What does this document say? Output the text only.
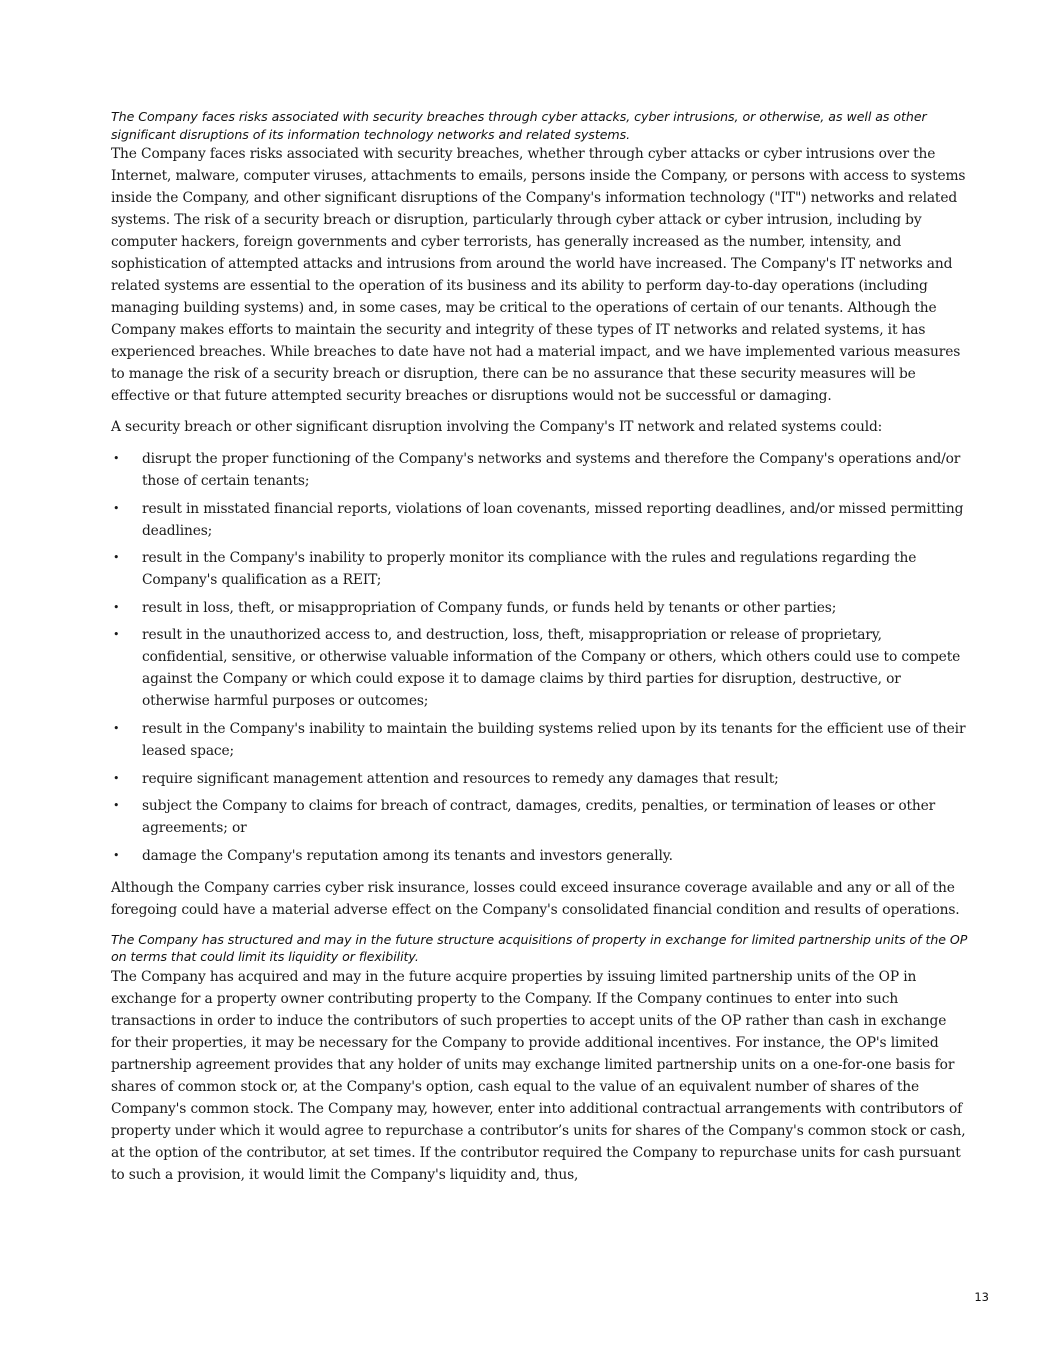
The Company faces risks associated with security breaches through cyber attacks, cyber intrusions, or otherwise, as well as other significant disruptions of its information technology networks and related systems.

The Company faces risks associated with security breaches, whether through cyber attacks or cyber intrusions over the Internet, malware, computer viruses, attachments to emails, persons inside the Company, or persons with access to systems inside the Company, and other significant disruptions of the Company's information technology ("IT") networks and related systems. The risk of a security breach or disruption, particularly through cyber attack or cyber intrusion, including by computer hackers, foreign governments and cyber terrorists, has generally increased as the number, intensity, and sophistication of attempted attacks and intrusions from around the world have increased. The Company's IT networks and related systems are essential to the operation of its business and its ability to perform day-to-day operations (including managing building systems) and, in some cases, may be critical to the operations of certain of our tenants. Although the Company makes efforts to maintain the security and integrity of these types of IT networks and related systems, it has experienced breaches. While breaches to date have not had a material impact, and we have implemented various measures to manage the risk of a security breach or disruption, there can be no assurance that these security measures will be effective or that future attempted security breaches or disruptions would not be successful or damaging.

A security breach or other significant disruption involving the Company's IT network and related systems could:

• disrupt the proper functioning of the Company's networks and systems and therefore the Company's operations and/or those of certain tenants;
• result in misstated financial reports, violations of loan covenants, missed reporting deadlines, and/or missed permitting deadlines;
• result in the Company's inability to properly monitor its compliance with the rules and regulations regarding the Company's qualification as a REIT;
• result in loss, theft, or misappropriation of Company funds, or funds held by tenants or other parties;
• result in the unauthorized access to, and destruction, loss, theft, misappropriation or release of proprietary, confidential, sensitive, or otherwise valuable information of the Company or others, which others could use to compete against the Company or which could expose it to damage claims by third parties for disruption, destructive, or otherwise harmful purposes or outcomes;
• result in the Company's inability to maintain the building systems relied upon by its tenants for the efficient use of their leased space;
• require significant management attention and resources to remedy any damages that result;
• subject the Company to claims for breach of contract, damages, credits, penalties, or termination of leases or other agreements; or
• damage the Company's reputation among its tenants and investors generally.

Although the Company carries cyber risk insurance, losses could exceed insurance coverage available and any or all of the foregoing could have a material adverse effect on the Company's consolidated financial condition and results of operations.

The Company has structured and may in the future structure acquisitions of property in exchange for limited partnership units of the OP on terms that could limit its liquidity or flexibility.

The Company has acquired and may in the future acquire properties by issuing limited partnership units of the OP in exchange for a property owner contributing property to the Company. If the Company continues to enter into such transactions in order to induce the contributors of such properties to accept units of the OP rather than cash in exchange for their properties, it may be necessary for the Company to provide additional incentives. For instance, the OP's limited partnership agreement provides that any holder of units may exchange limited partnership units on a one-for-one basis for shares of common stock or, at the Company's option, cash equal to the value of an equivalent number of shares of the Company's common stock. The Company may, however, enter into additional contractual arrangements with contributors of property under which it would agree to repurchase a contributor’s units for shares of the Company's common stock or cash, at the option of the contributor, at set times. If the contributor required the Company to repurchase units for cash pursuant to such a provision, it would limit the Company's liquidity and, thus,

13
